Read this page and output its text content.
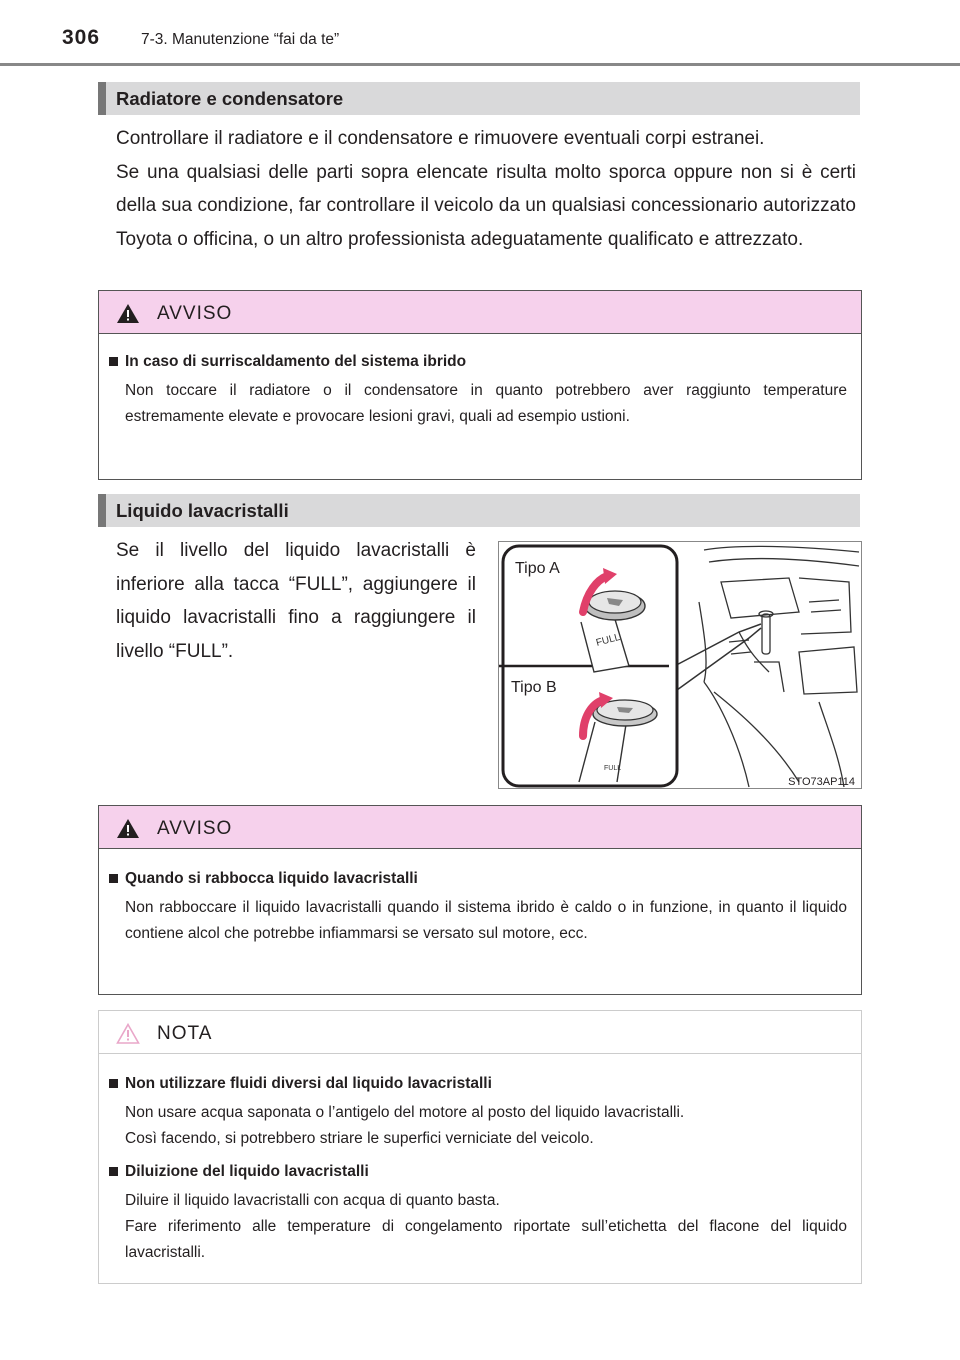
306	7-3. Manutenzione “fai da te”
Radiatore e condensatore
Controllare il radiatore e il condensatore e rimuovere eventuali corpi estranei.
Se una qualsiasi delle parti sopra elencate risulta molto sporca oppure non si è certi della sua condizione, far controllare il veicolo da un qualsiasi concessionario autorizzato Toyota o officina, o un altro professionista adeguatamente qualificato e attrezzato.
AVVISO
In caso di surriscaldamento del sistema ibrido
Non toccare il radiatore o il condensatore in quanto potrebbero aver raggiunto temperature estremamente elevate e provocare lesioni gravi, quali ad esempio ustioni.
Liquido lavacristalli
Se il livello del liquido lavacristalli è inferiore alla tacca “FULL”, aggiungere il liquido lavacristalli fino a raggiungere il livello “FULL”.
Tipo A
Tipo B
FULL
FULL
STO73AP114
AVVISO
Quando si rabbocca liquido lavacristalli
Non rabboccare il liquido lavacristalli quando il sistema ibrido è caldo o in funzione, in quanto il liquido contiene alcol che potrebbe infiammarsi se versato sul motore, ecc.
NOTA
Non utilizzare fluidi diversi dal liquido lavacristalli
Non usare acqua saponata o l’antigelo del motore al posto del liquido lavacristalli.
Così facendo, si potrebbero striare le superfici verniciate del veicolo.
Diluizione del liquido lavacristalli
Diluire il liquido lavacristalli con acqua di quanto basta.
Fare riferimento alle temperature di congelamento riportate sull’etichetta del flacone del liquido lavacristalli.
